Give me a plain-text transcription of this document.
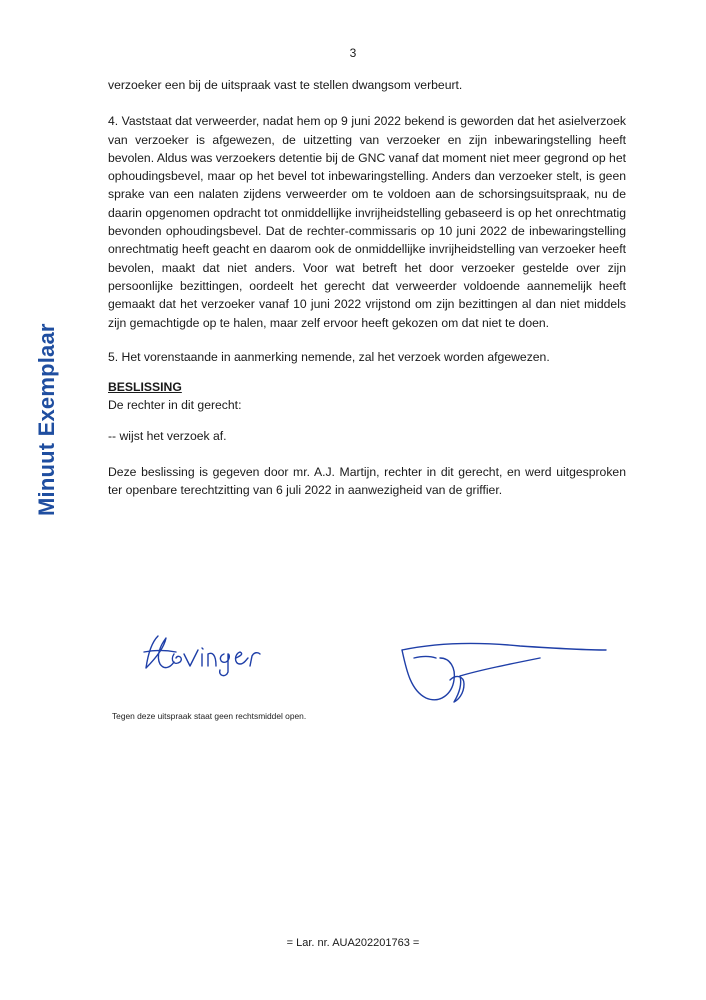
3
Minuut Exemplaar

verzoeker een bij de uitspraak vast te stellen dwangsom verbeurt.

4. Vaststaat dat verweerder, nadat hem op 9 juni 2022 bekend is geworden dat het asielverzoek van verzoeker is afgewezen, de uitzetting van verzoeker en zijn inbewaringstelling heeft bevolen. Aldus was verzoekers detentie bij de GNC vanaf dat moment niet meer gegrond op het ophoudingsbevel, maar op het bevel tot inbewaringstelling. Anders dan verzoeker stelt, is geen sprake van een nalaten zijdens verweerder om te voldoen aan de schorsingsuitspraak, nu de daarin opgenomen opdracht tot onmiddellijke invrijheidstelling gebaseerd is op het onrechtmatig bevonden ophoudingsbevel. Dat de rechter-commissaris op 10 juni 2022 de inbewaringstelling onrechtmatig heeft geacht en daarom ook de onmiddellijke invrijheidstelling van verzoeker heeft bevolen, maakt dat niet anders. Voor wat betreft het door verzoeker gestelde over zijn persoonlijke bezittingen, oordeelt het gerecht dat verweerder voldoende aannemelijk heeft gemaakt dat het verzoeker vanaf 10 juni 2022 vrijstond om zijn bezittingen al dan niet middels zijn gemachtigde op te halen, maar zelf ervoor heeft gekozen om dat niet te doen.

5. Het vorenstaande in aanmerking nemende, zal het verzoek worden afgewezen.

BESLISSING

De rechter in dit gerecht:

-- wijst het verzoek af.

Deze beslissing is gegeven door mr. A.J. Martijn, rechter in dit gerecht, en werd uitgesproken ter openbare terechtzitting van 6 juli 2022 in aanwezigheid van de griffier.

Tegen deze uitspraak staat geen rechtsmiddel open.
= Lar. nr. AUA202201763 =
